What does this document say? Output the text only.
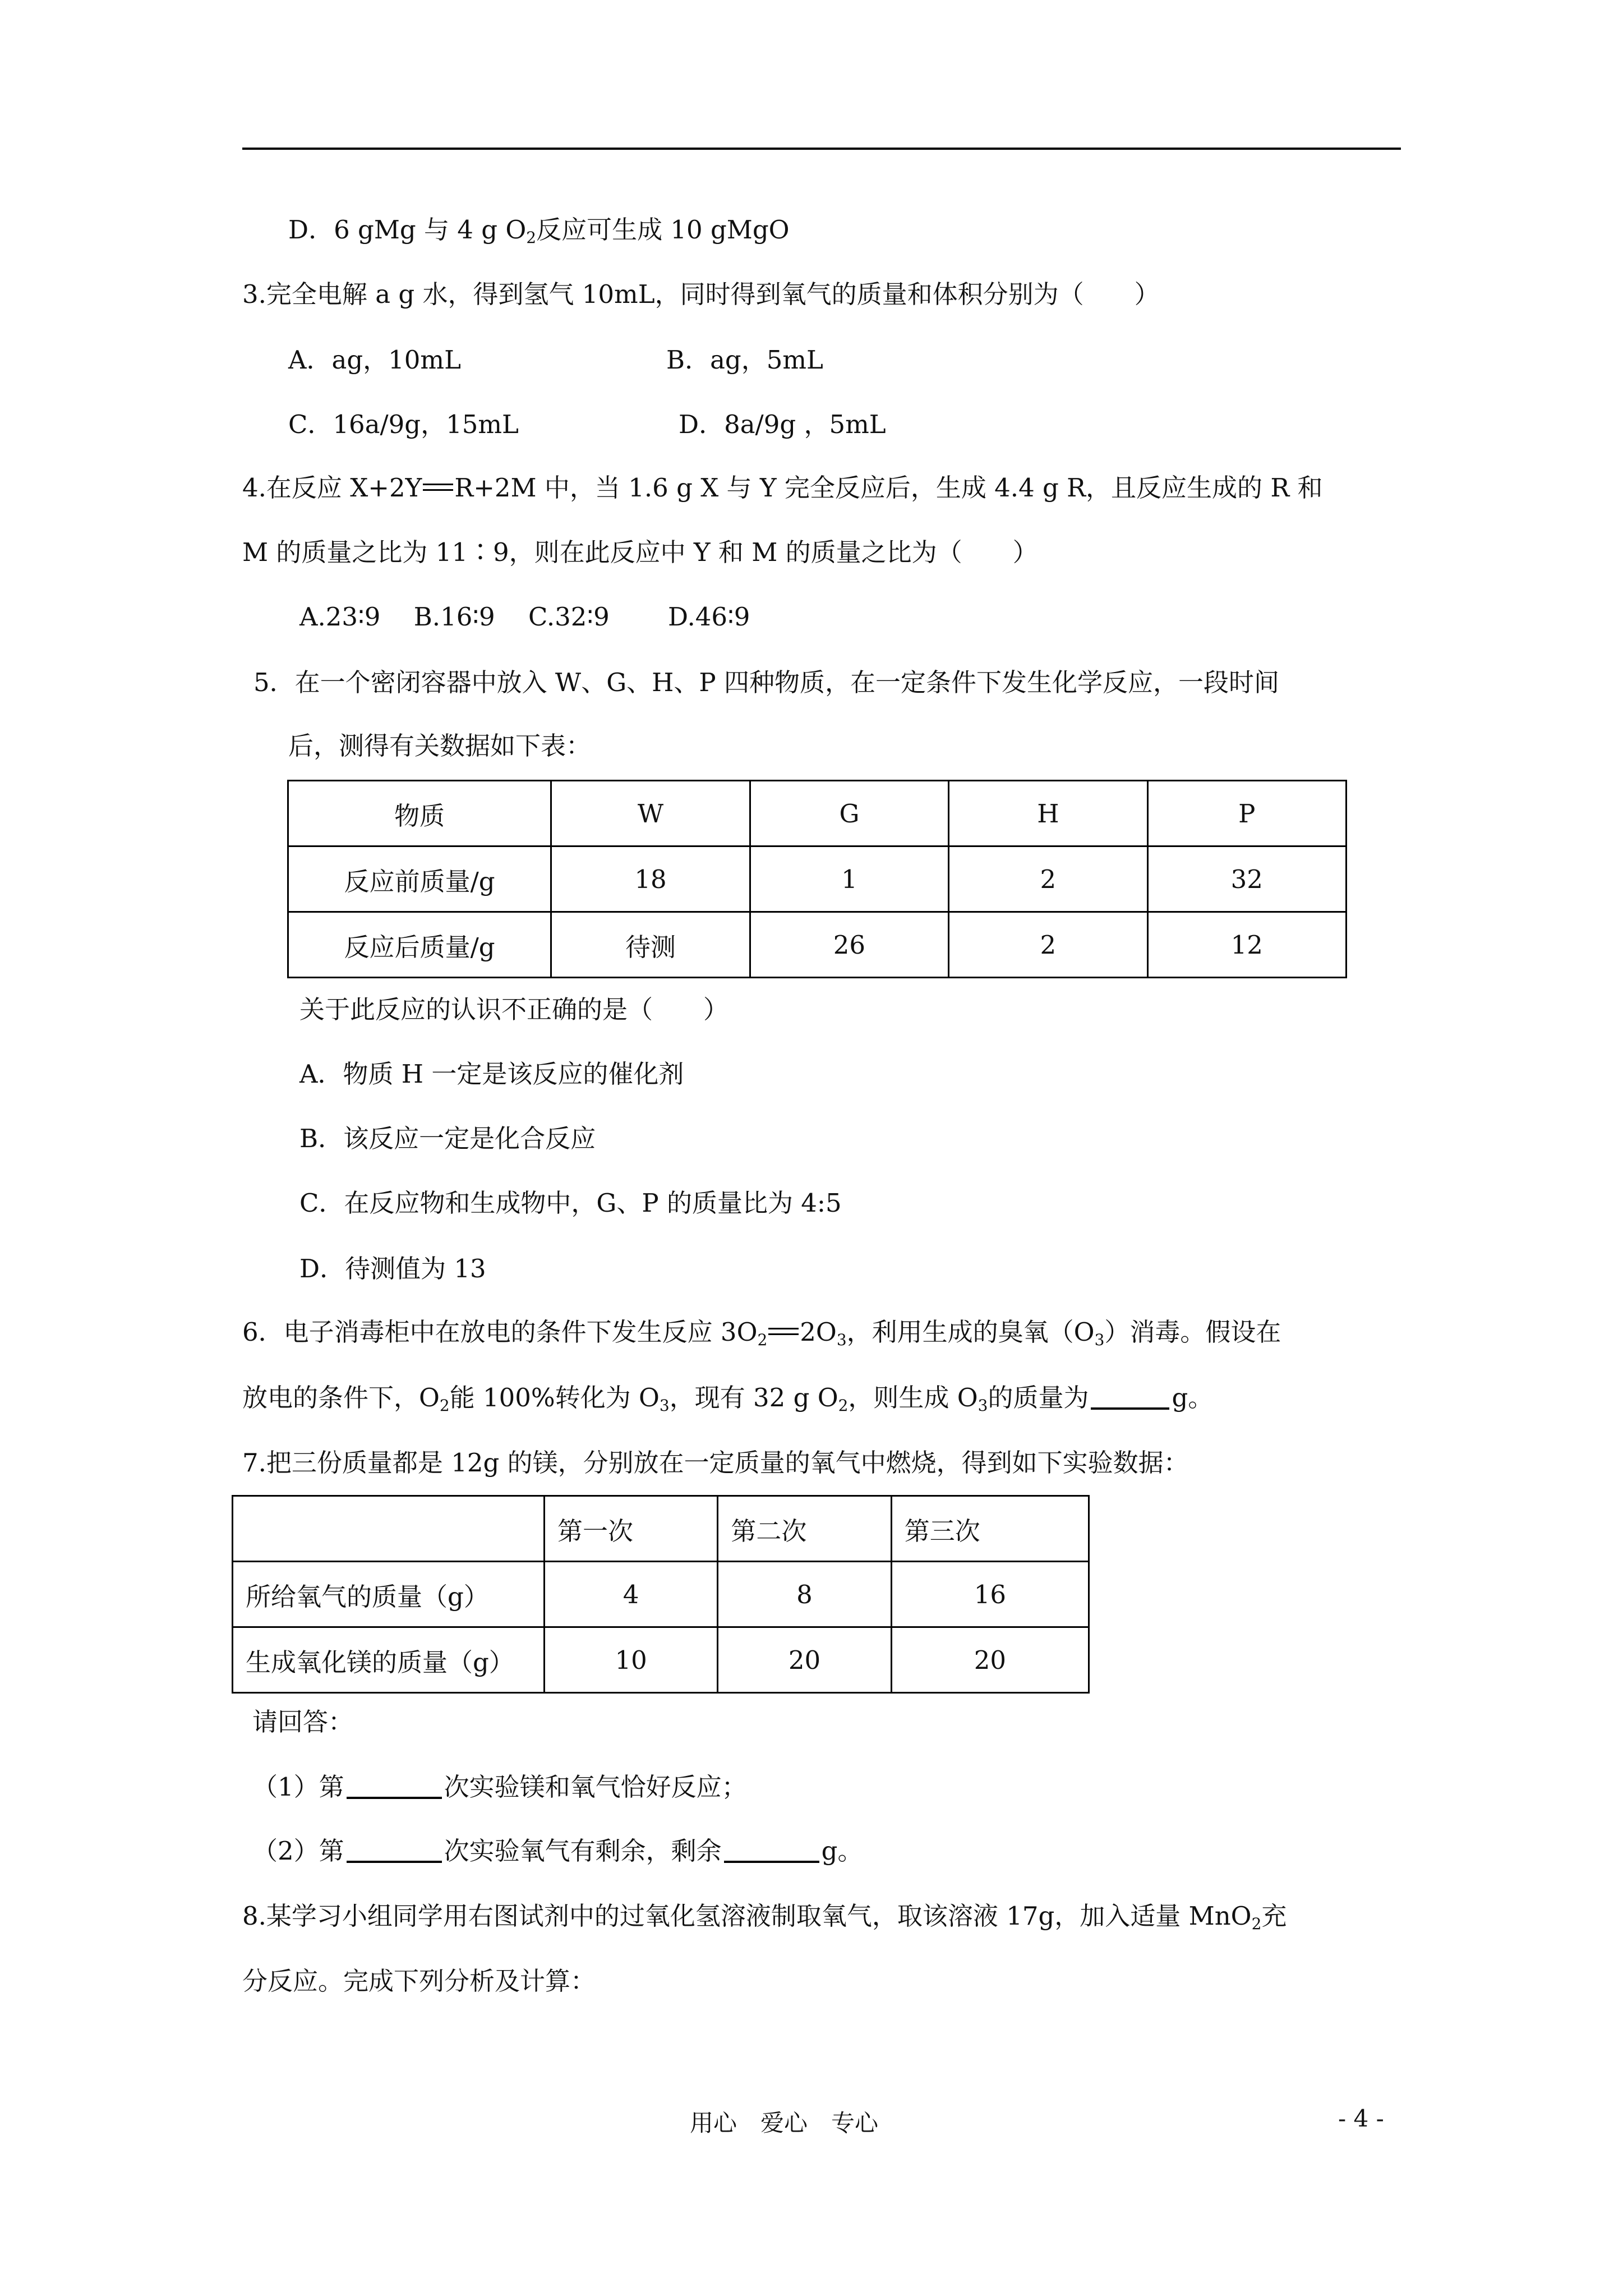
D．6 gMg 与 4 g $O_2$反应可生成 10 gMgO
3.完全电解 a g 水，得到氢气 10mL，同时得到氧气的质量和体积分别为（　　）
A．ag，10mL	B．ag，5mL
C．16a/9g，15mL	D．8a/9g ，5mL
4.在反应 X+2Y R+2M 中，当 1.6 g X 与 Y 完全反应后，生成 4.4 g R，且反应生成的 R 和
M 的质量之比为 11∶9，则在此反应中 Y 和 M 的质量之比为（　　）
A.23∶9　 B.16∶9　 C.32∶9　　 D.46∶9
5．在一个密闭容器中放入 W、G、H、P 四种物质，在一定条件下发生化学反应，一段时间
后，测得有关数据如下表：
物质	W	G	H	P
反应前质量/g	18	1	2	32
反应后质量/g	待测	26	2	12
关于此反应的认识不正确的是（　　）
A．物质 H 一定是该反应的催化剂
B．该反应一定是化合反应
C．在反应物和生成物中，G、P 的质量比为 4:5
D．待测值为 13
6．电子消毒柜中在放电的条件下发生反应 $3O_2$ $2O_3$，利用生成的臭氧$(O_3)$消毒。假设在
放电的条件下，$O_2$能 100%转化为 $O_3$，现有 32 g $O_2$，则生成 $O_3$的质量为	g。
7.把三份质量都是 12g 的镁，分别放在一定质量的氧气中燃烧，得到如下实验数据：
	第一次	第二次	第三次
所给氧气的质量（g）	4	8	16
生成氧化镁的质量（g）	10	20	20
请回答：
（1）第	次实验镁和氧气恰好反应；
（2）第	次实验氧气有剩余，剩余	g。
8.某学习小组同学用右图试剂中的过氧化氢溶液制取氧气，取该溶液 17g，加入适量 MnO$_2$充
分反应。完成下列分析及计算：
用心　爱心　专心	- 4 -
